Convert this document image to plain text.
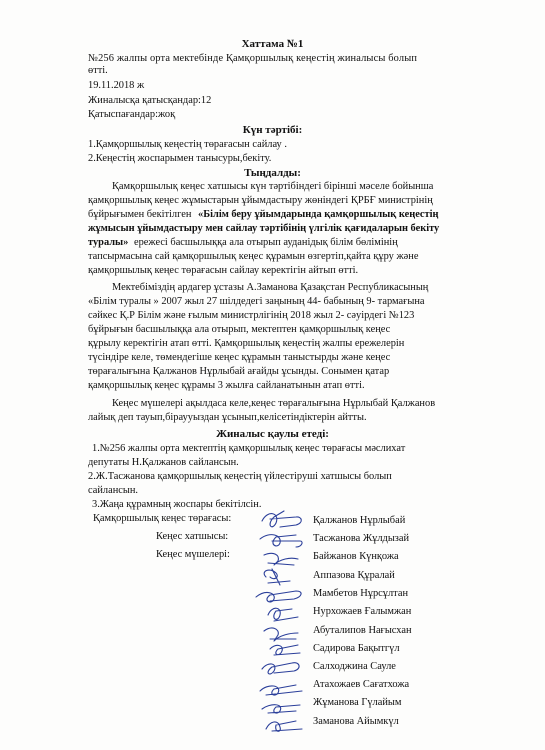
Хаттама №1
№256 жалпы орта мектебінде Қамқоршылық кеңестің жиналысы болып
өтті.
19.11.2018 ж
Жиналысқа қатысқандар:12
Қатыспағандар:жоқ
Күн тәртібі:
1.Қамқоршылық кеңестің төрағасын сайлау .
2.Кеңестің жоспарымен танысуры,бекіту.
Тыңдалды:
Қамқоршылық кеңес хатшысы күн тәртібіндегі бірінші мәселе бойынша
қамқоршылық кеңес жұмыстарын ұйымдастыру жөніндегі ҚРБҒ министрінің
бұйрығымен бекітілген «Білім беру ұйымдарында қамқоршылық кеңестің
жұмысын ұйымдастыру мен сайлау тәртібінің үлгілік қағидаларын бекіту
туралы» ережесі басшылыққа ала отырып ауданідық білім бөлімінің
тапсырмасына сай қамқоршылық кеңес құрамын өзгертіп,қайта құру және
қамқоршылық кеңес төрағасын сайлау керектігін айтып өтті.
Мектебіміздің ардагер ұстазы А.Заманова Қазақстан Республикасының
«Білім туралы » 2007 жыл 27 шілдедегі заңының 44- бабының 9- тармағына
сәйкес Қ.Р Білім және ғылым министрлігінің 2018 жыл 2- сәуірдегі №123
бұйрығын басшылыққа ала отырып, мектептен қамқоршылық кеңес
құрылу керектігін атап өтті. Қамқоршылық кеңестің жалпы ережелерін
түсіндіре келе, төмендегіше кеңес құрамын таныстырды және кеңес
төрағалығына Қалжанов Нұрлыбай ағайды ұсынды. Сонымен қатар
қамқоршылық кеңес құрамы 3 жылға сайланатынын атап өтті.
Кеңес мүшелері ақылдаса келе,кеңес төрағалығына Нұрлыбай Қалжанов
лайық деп тауып,біраууыздан ұсынып,келісетіндіктерін айтты.
Жиналыс қаулы етеді:
1.№256 жалпы орта мектептің қамқоршылық кеңес төрағасы мәслихат
депутаты Н.Қалжанов сайлансын.
2.Ж.Тасжанова қамқоршылық кеңестің үйлестіруші хатшысы болып
сайлансын.
3.Жаңа құрамның жоспары бекітілсін.
Қамқоршылық кеңес төрағасы:
Кеңес хатшысы:
Кеңес мүшелері:
Қалжанов Нұрлыбай
Тасжанова Жұлдызай
Байжанов Күнқожа
Аппазова Құралай
Мамбетов Нұрсұлтан
Нурхожаев Ғалымжан
Абуталипов Нағысхан
Садирова Бақытгүл
Салходжина Сауле
Атахожаев Сағатхожа
Жұманова Гүлайым
Заманова Айымкүл
